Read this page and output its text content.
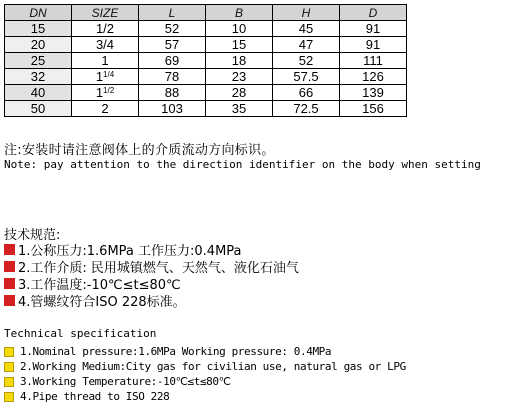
DN	SIZE	L	B	H	D
15	1/2	52	10	45	91
20	3/4	57	15	47	91
25	1	69	18	52	111
32	$1^{1/4}$	78	23	57.5	126
40	$1^{1/2}$	88	28	66	139
50	2	103	35	72.5	156
注:安装时请注意阀体上的介质流动方向标识。
Note: pay attention to the direction identifier on the body when setting
技术规范:
1.公称压力:1.6MPa 工作压力:0.4MPa
2.工作介质: 民用城镇燃气、天然气、液化石油气
3.工作温度:-10℃≤t≤80℃
4.管螺纹符合ISO 228标准。
Technical specification
1.Nominal pressure:1.6MPa Working pressure: 0.4MPa
2.Working Medium:City gas for civilian use, natural gas or LPG
3.Working Temperature:-10℃≤t≤80℃
4.Pipe thread to ISO 228
